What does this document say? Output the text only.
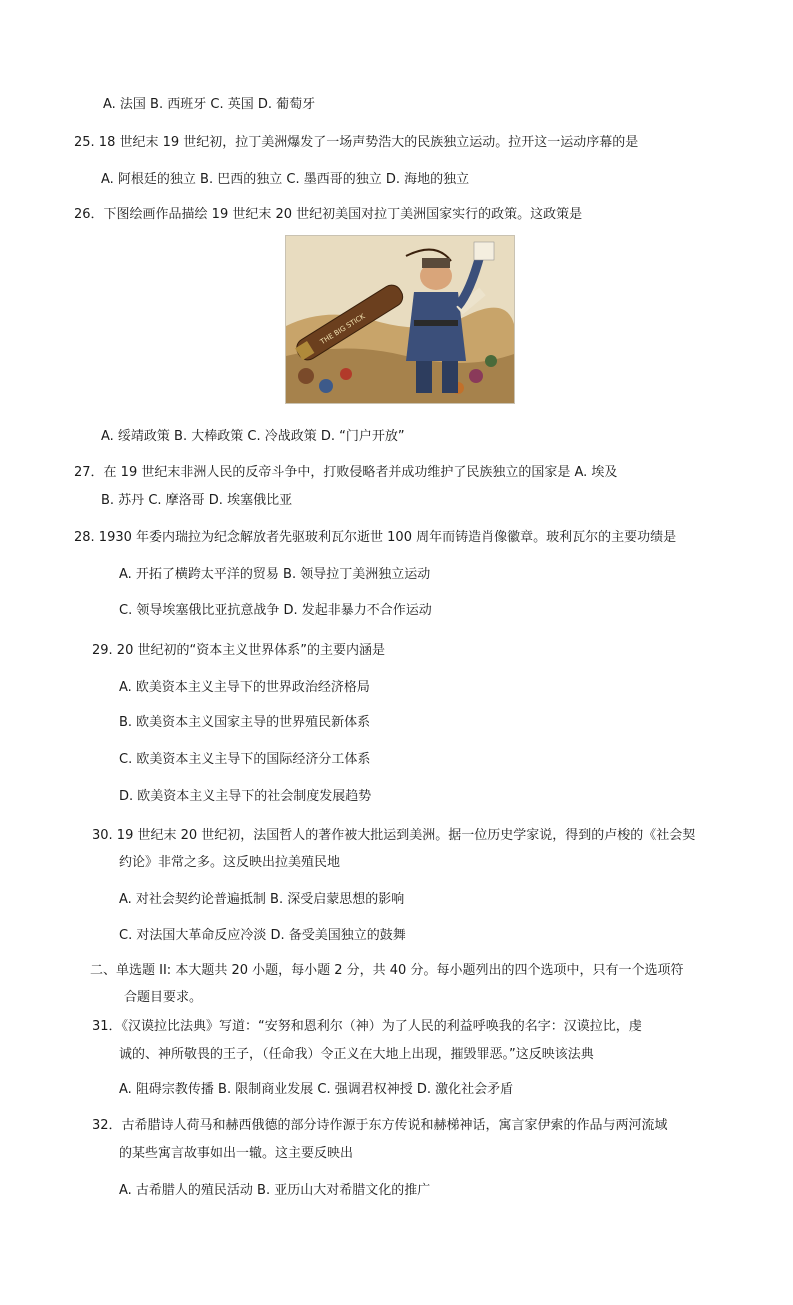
A. 法国 B. 西班牙 C. 英国 D. 葡萄牙
25. 18 世纪末 19 世纪初，拉丁美洲爆发了一场声势浩大的民族独立运动。拉开这一运动序幕的是
A. 阿根廷的独立 B. 巴西的独立 C. 墨西哥的独立 D. 海地的独立
26．下图绘画作品描绘 19 世纪末 20 世纪初美国对拉丁美洲国家实行的政策。这政策是
THE BIG STICK
A. 绥靖政策 B. 大棒政策 C. 冷战政策 D. “门户开放”
27．在 19 世纪末非洲人民的反帝斗争中，打败侵略者并成功维护了民族独立的国家是 A. 埃及
B. 苏丹 C. 摩洛哥 D. 埃塞俄比亚
28. 1930 年委内瑞拉为纪念解放者先驱玻利瓦尔逝世 100 周年而铸造肖像徽章。玻利瓦尔的主要功绩是
A. 开拓了横跨太平洋的贸易 B. 领导拉丁美洲独立运动
C. 领导埃塞俄比亚抗意战争 D. 发起非暴力不合作运动
29. 20 世纪初的“资本主义世界体系”的主要内涵是
A. 欧美资本主义主导下的世界政治经济格局
B. 欧美资本主义国家主导的世界殖民新体系
C. 欧美资本主义主导下的国际经济分工体系
D. 欧美资本主义主导下的社会制度发展趋势
30. 19 世纪末 20 世纪初，法国哲人的著作被大批运到美洲。据一位历史学家说，得到的卢梭的《社会契
约论》非常之多。这反映出拉美殖民地
A. 对社会契约论普遍抵制 B. 深受启蒙思想的影响
C. 对法国大革命反应冷淡 D. 备受美国独立的鼓舞
二、单选题 II: 本大题共 20 小题，每小题 2 分，共 40 分。每小题列出的四个选项中，只有一个选项符
合题目要求。
31．《汉谟拉比法典》写道：“安努和恩利尔（神）为了人民的利益呼唤我的名字：汉谟拉比，虔
诚的、神所敬畏的王子，（任命我）令正义在大地上出现，摧毁罪恶。”这反映该法典
A. 阻碍宗教传播 B. 限制商业发展 C. 强调君权神授 D. 激化社会矛盾
32．古希腊诗人荷马和赫西俄德的部分诗作源于东方传说和赫梯神话，寓言家伊索的作品与两河流域
的某些寓言故事如出一辙。这主要反映出
A. 古希腊人的殖民活动 B. 亚历山大对希腊文化的推广
